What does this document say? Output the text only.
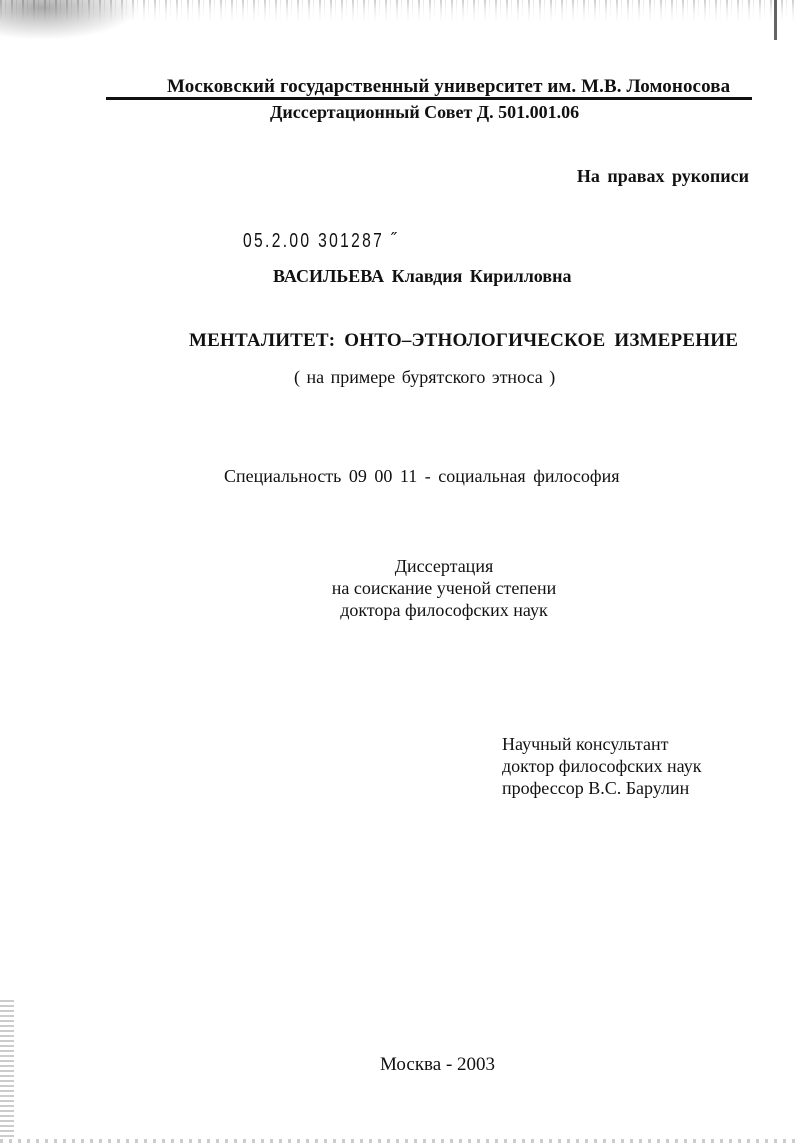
Московский государственный университет им. М.В. Ломоносова
Диссертационный Совет Д. 501.001.06
На правах рукописи
05.2.00 301287 ˝
ВАСИЛЬЕВА Клавдия Кирилловна
МЕНТАЛИТЕТ: ОНТО–ЭТНОЛОГИЧЕСКОЕ ИЗМЕРЕНИЕ
( на примере бурятского этноса )
Специальность 09 00 11 - социальная философия
Диссертация
на соискание ученой степени
доктора философских наук
Научный консультант
доктор философских наук
профессор В.С. Барулин
Москва - 2003
